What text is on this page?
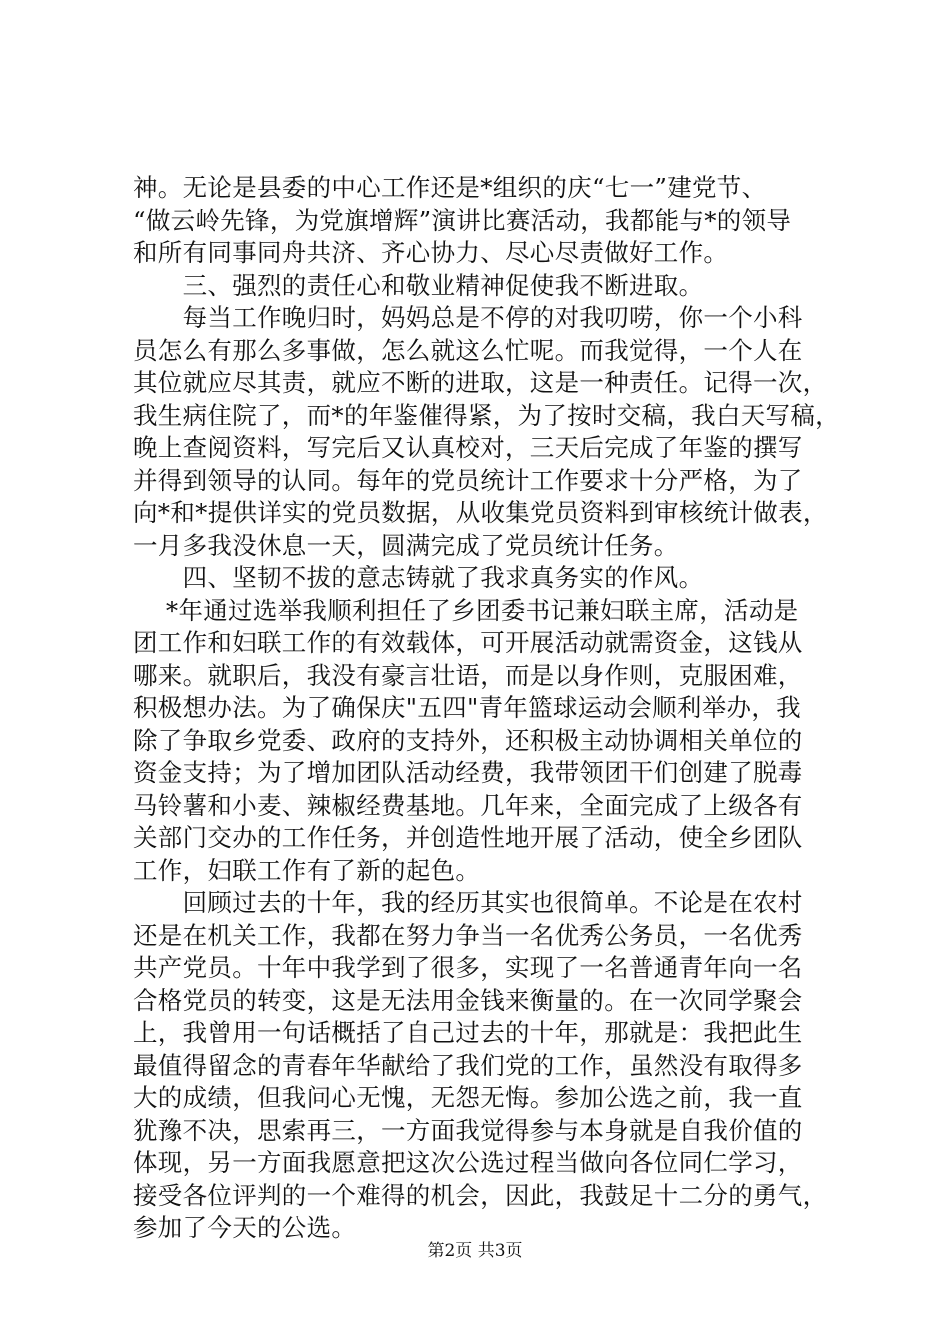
神。无论是县委的中心工作还是*组织的庆“七一”建党节、
“做云岭先锋，为党旗增辉”演讲比赛活动，我都能与*的领导
和所有同事同舟共济、齐心协力、尽心尽责做好工作。
　　三、强烈的责任心和敬业精神促使我不断进取。
　　每当工作晚归时，妈妈总是不停的对我叨唠，你一个小科
员怎么有那么多事做，怎么就这么忙呢。而我觉得，一个人在
其位就应尽其责，就应不断的进取，这是一种责任。记得一次，
我生病住院了，而*的年鉴催得紧，为了按时交稿，我白天写稿，
晚上查阅资料，写完后又认真校对，三天后完成了年鉴的撰写
并得到领导的认同。每年的党员统计工作要求十分严格，为了
向*和*提供详实的党员数据，从收集党员资料到审核统计做表，
一月多我没休息一天，圆满完成了党员统计任务。
　　四、坚韧不拔的意志铸就了我求真务实的作风。
　 *年通过选举我顺利担任了乡团委书记兼妇联主席，活动是
团工作和妇联工作的有效载体，可开展活动就需资金，这钱从
哪来。就职后，我没有豪言壮语，而是以身作则，克服困难，
积极想办法。为了确保庆"五四"青年篮球运动会顺利举办，我
除了争取乡党委、政府的支持外，还积极主动协调相关单位的
资金支持；为了增加团队活动经费，我带领团干们创建了脱毒
马铃薯和小麦、辣椒经费基地。几年来，全面完成了上级各有
关部门交办的工作任务，并创造性地开展了活动，使全乡团队
工作，妇联工作有了新的起色。
　　回顾过去的十年，我的经历其实也很简单。不论是在农村
还是在机关工作，我都在努力争当一名优秀公务员，一名优秀
共产党员。十年中我学到了很多，实现了一名普通青年向一名
合格党员的转变，这是无法用金钱来衡量的。在一次同学聚会
上，我曾用一句话概括了自己过去的十年，那就是：我把此生
最值得留念的青春年华献给了我们党的工作，虽然没有取得多
大的成绩，但我问心无愧，无怨无悔。参加公选之前，我一直
犹豫不决，思索再三，一方面我觉得参与本身就是自我价值的
体现，另一方面我愿意把这次公选过程当做向各位同仁学习，
接受各位评判的一个难得的机会，因此，我鼓足十二分的勇气，
参加了今天的公选。
第2页 共3页
